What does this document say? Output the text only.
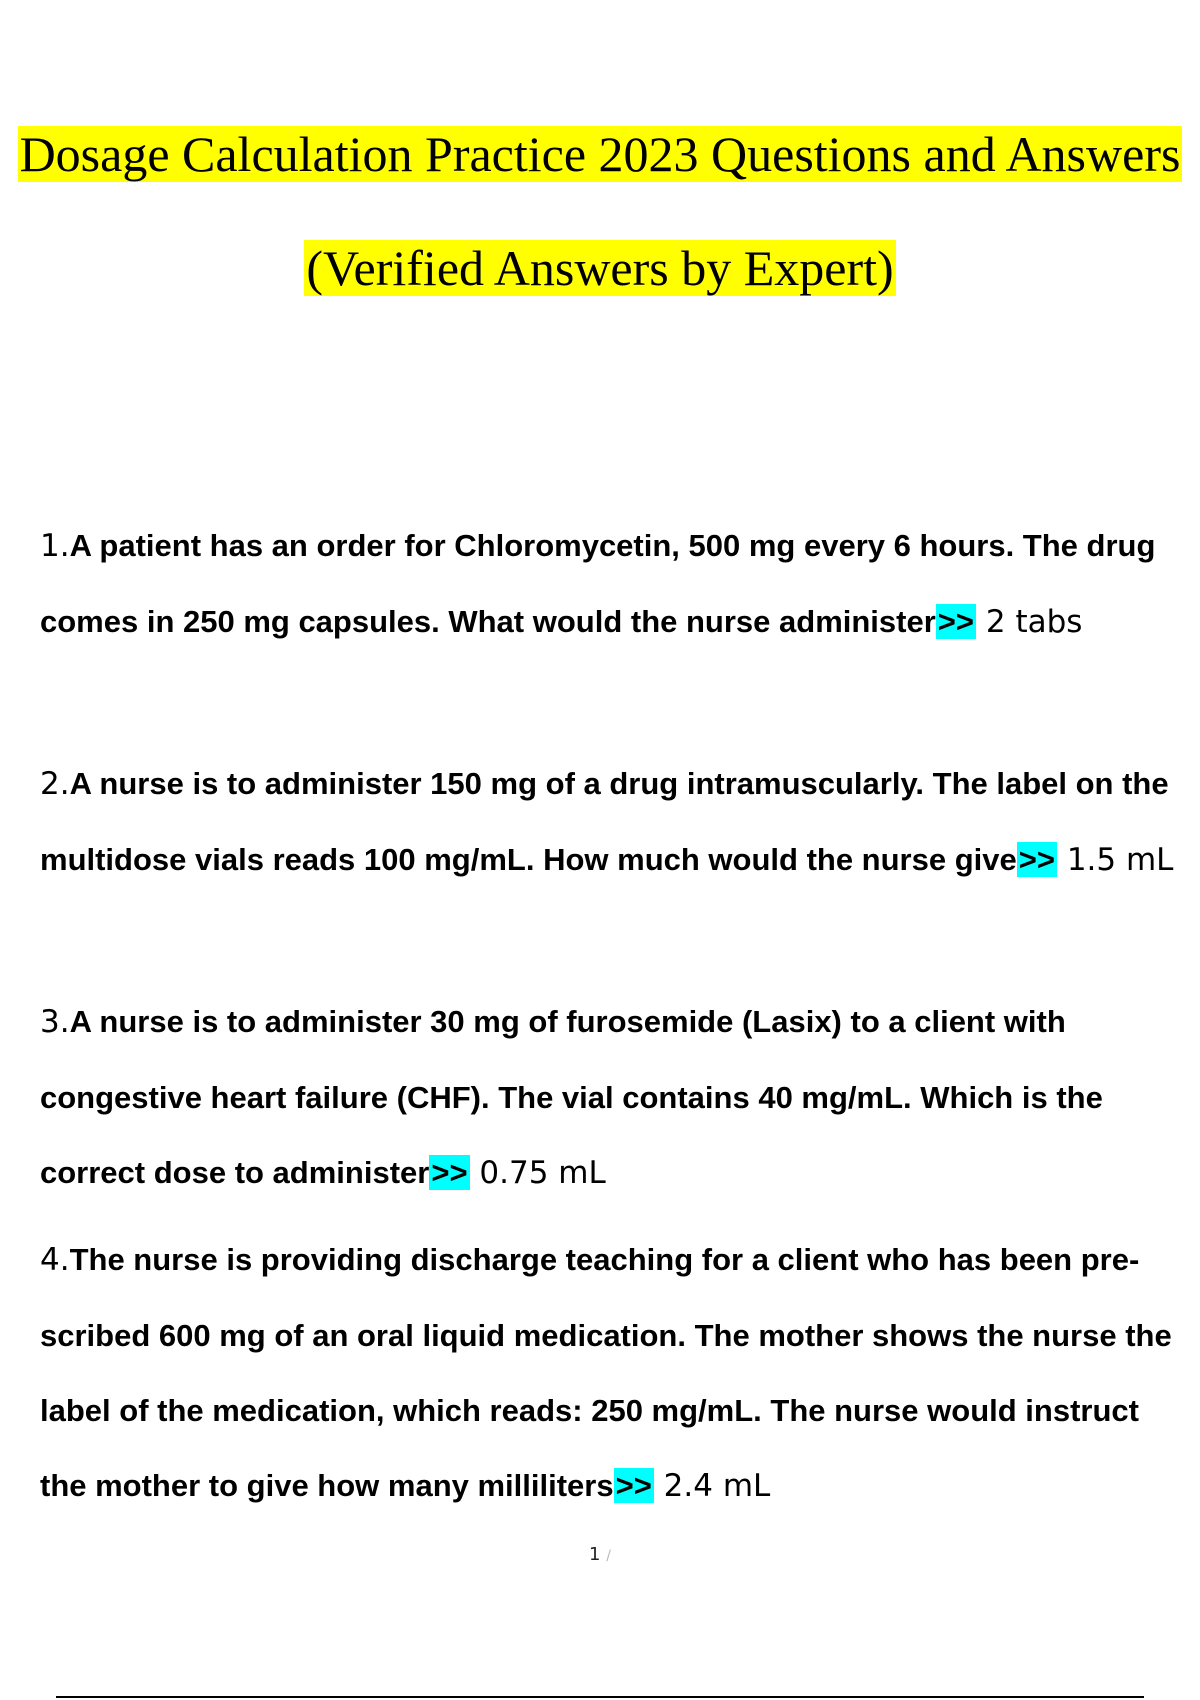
Dosage Calculation Practice 2023 Questions and Answers
(Verified Answers by Expert)
1.A patient has an order for Chloromycetin, 500 mg every 6 hours. The drug comes in 250 mg capsules. What would the nurse administer>> 2 tabs
2.A nurse is to administer 150 mg of a drug intramuscularly. The label on the multidose vials reads 100 mg/mL. How much would the nurse give>> 1.5 mL
3.A nurse is to administer 30 mg of furosemide (Lasix) to a client with congestive heart failure (CHF). The vial contains 40 mg/mL. Which is the correct dose to administer>> 0.75 mL
4.The nurse is providing discharge teaching for a client who has been pre-scribed 600 mg of an oral liquid medication. The mother shows the nurse the label of the medication, which reads: 250 mg/mL. The nurse would instruct the mother to give how many milliliters>> 2.4 mL
1 /
